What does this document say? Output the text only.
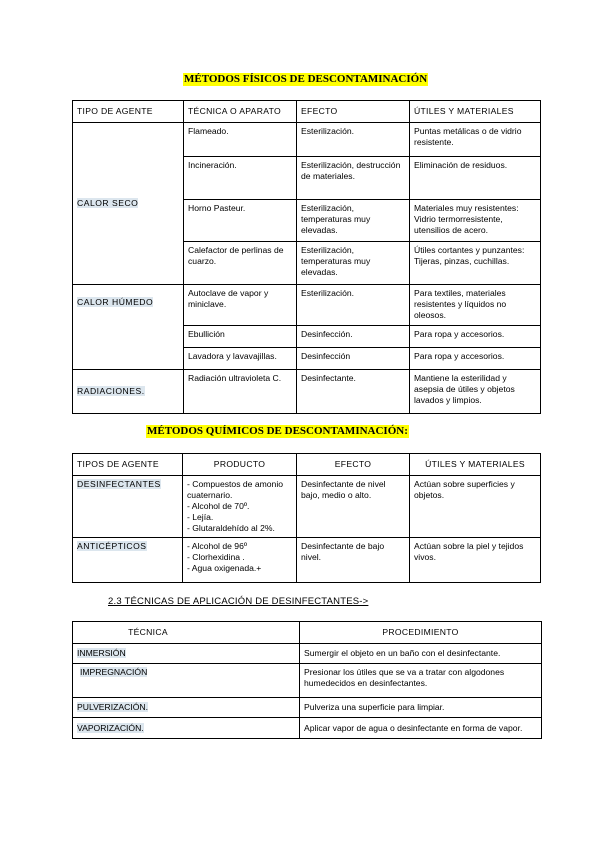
MÉTODOS FÍSICOS DE DESCONTAMINACIÓN
TIPO DE AGENTE	TÉCNICA O APARATO	EFECTO	ÚTILES Y MATERIALES
CALOR SECO	Flameado.	Esterilización.	Puntas metálicas o de vidrio resistente.
	Incineración.	Esterilización, destrucción de materiales.	Eliminación de residuos.
	Horno Pasteur.	Esterilización, temperaturas muy elevadas.	Materiales muy resistentes: Vidrio termorresistente, utensilios de acero.
	Calefactor de perlinas de cuarzo.	Esterilización, temperaturas muy elevadas.	Útiles cortantes y punzantes: Tijeras, pinzas, cuchillas.
CALOR HÚMEDO	Autoclave de vapor y miniclave.	Esterilización.	Para textiles, materiales resistentes y líquidos no oleosos.
	Ebullición	Desinfección.	Para ropa y accesorios.
	Lavadora y lavavajillas.	Desinfección	Para ropa y accesorios.
RADIACIONES.	Radiación ultravioleta C.	Desinfectante.	Mantiene la esterilidad y asepsia de útiles y objetos lavados y limpios.
MÉTODOS QUÍMICOS DE DESCONTAMINACIÓN:
TIPOS DE AGENTE	PRODUCTO	EFECTO	ÚTILES Y MATERIALES
DESINFECTANTES	- Compuestos de amonio cuaternario.
- Alcohol de 70º.
- Lejía.
- Glutaraldehído al 2%.	Desinfectante de nivel bajo, medio o alto.	Actúan sobre superficies y objetos.
ANTICÉPTICOS	- Alcohol de 96º
- Clorhexidina .
- Agua oxigenada.+	Desinfectante de bajo nivel.	Actúan sobre la piel y tejidos vivos.
2.3 TÉCNICAS DE APLICACIÓN DE DESINFECTANTES->
TÉCNICA	PROCEDIMIENTO
INMERSIÓN	Sumergir el objeto en un baño con el desinfectante.
IMPREGNACIÓN	Presionar los útiles que se va a tratar con algodones humedecidos en desinfectantes.
PULVERIZACIÓN.	Pulveriza una superficie para limpiar.
VAPORIZACIÓN.	Aplicar vapor de agua o desinfectante en forma de vapor.
